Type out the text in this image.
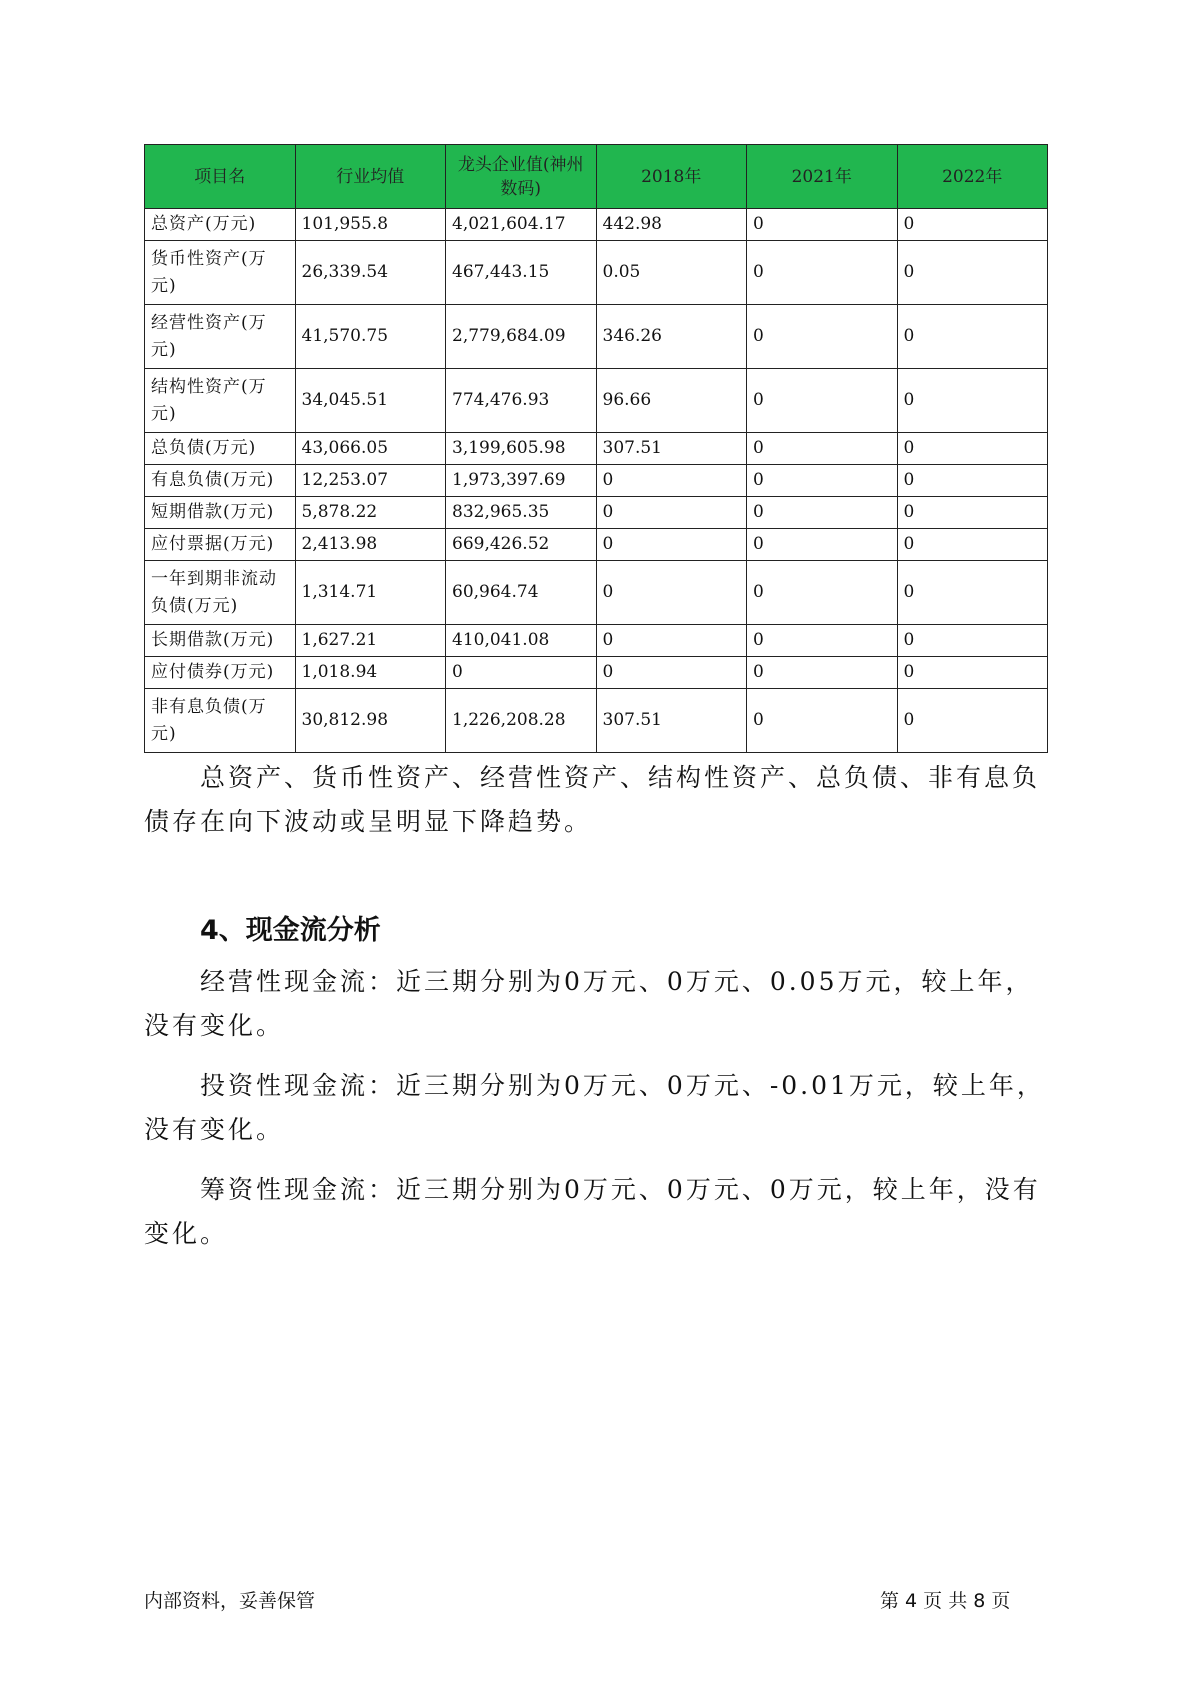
项目名	行业均值	龙头企业值(神州数码)	2018年	2021年	2022年
总资产(万元)	101,955.8	4,021,604.17	442.98	0	0
货币性资产(万元)	26,339.54	467,443.15	0.05	0	0
经营性资产(万元)	41,570.75	2,779,684.09	346.26	0	0
结构性资产(万元)	34,045.51	774,476.93	96.66	0	0
总负债(万元)	43,066.05	3,199,605.98	307.51	0	0
有息负债(万元)	12,253.07	1,973,397.69	0	0	0
短期借款(万元)	5,878.22	832,965.35	0	0	0
应付票据(万元)	2,413.98	669,426.52	0	0	0
一年到期非流动负债(万元)	1,314.71	60,964.74	0	0	0
长期借款(万元)	1,627.21	410,041.08	0	0	0
应付债券(万元)	1,018.94	0	0	0	0
非有息负债(万元)	30,812.98	1,226,208.28	307.51	0	0

总资产、货币性资产、经营性资产、结构性资产、总负债、非有息负债存在向下波动或呈明显下降趋势。

4、现金流分析

经营性现金流：近三期分别为0万元、0万元、0.05万元，较上年，没有变化。

投资性现金流：近三期分别为0万元、0万元、-0.01万元，较上年，没有变化。

筹资性现金流：近三期分别为0万元、0万元、0万元，较上年，没有变化。

内部资料，妥善保管	第 4 页 共 8 页
